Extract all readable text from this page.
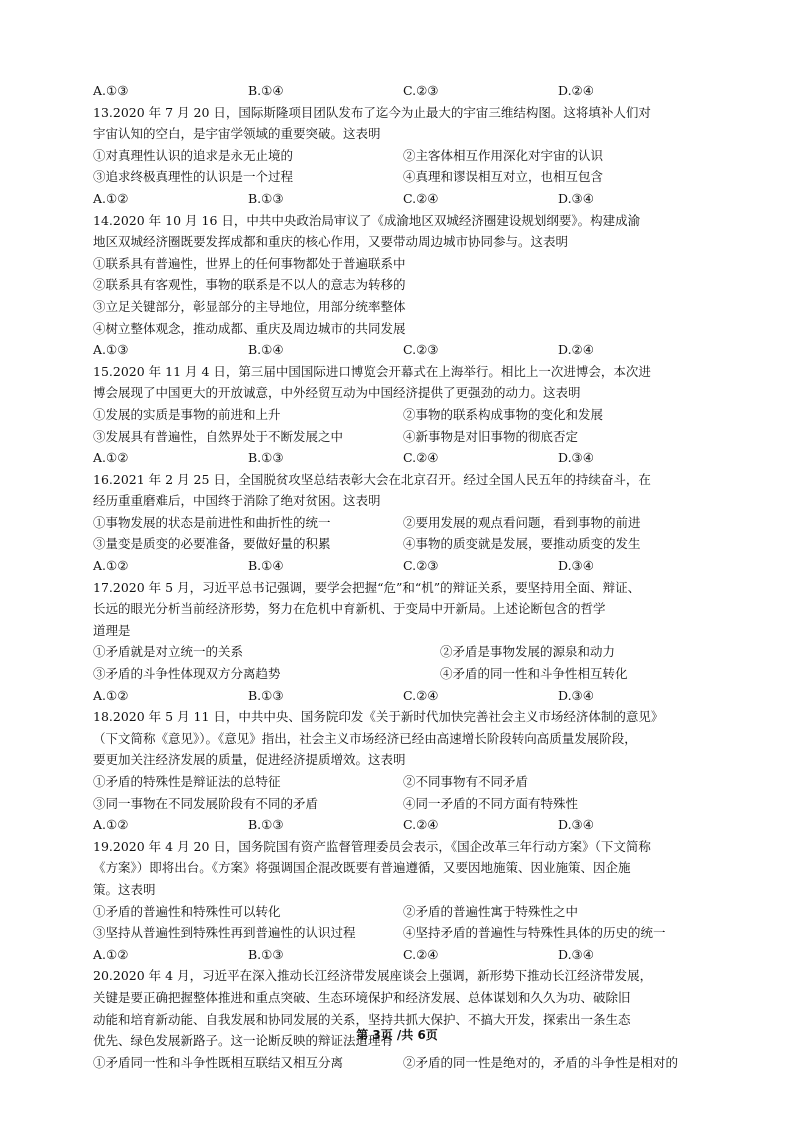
A.①③	B.①④	C.②③	D.②④
13.2020 年 7 月 20 日，国际斯隆项目团队发布了迄今为止最大的宇宙三维结构图。这将填补人们对
宇宙认知的空白，是宇宙学领域的重要突破。这表明
①对真理性认识的追求是永无止境的	②主客体相互作用深化对宇宙的认识
③追求终极真理性的认识是一个过程	④真理和谬误相互对立，也相互包含
A.①②	B.①③	C.②④	D.③④
14.2020 年 10 月 16 日，中共中央政治局审议了《成渝地区双城经济圈建设规划纲要》。构建成渝
地区双城经济圈既要发挥成都和重庆的核心作用，又要带动周边城市协同参与。这表明
①联系具有普遍性，世界上的任何事物都处于普遍联系中
②联系具有客观性，事物的联系是不以人的意志为转移的
③立足关键部分，彰显部分的主导地位，用部分统率整体
④树立整体观念，推动成都、重庆及周边城市的共同发展
A.①③	B.①④	C.②③	D.②④
15.2020 年 11 月 4 日，第三届中国国际进口博览会开幕式在上海举行。相比上一次进博会，本次进
博会展现了中国更大的开放诚意，中外经贸互动为中国经济提供了更强劲的动力。这表明
①发展的实质是事物的前进和上升	②事物的联系构成事物的变化和发展
③发展具有普遍性，自然界处于不断发展之中	④新事物是对旧事物的彻底否定
A.①②	B.①③	C.②④	D.③④
16.2021 年 2 月 25 日，全国脱贫攻坚总结表彰大会在北京召开。经过全国人民五年的持续奋斗，在
经历重重磨难后，中国终于消除了绝对贫困。这表明
①事物发展的状态是前进性和曲折性的统一	②要用发展的观点看问题，看到事物的前进
③量变是质变的必要准备，要做好量的积累	④事物的质变就是发展，要推动质变的发生
A.①②	B.①④	C.②③	D.③④
17.2020 年 5 月，习近平总书记强调，要学会把握“危”和“机”的辩证关系，要坚持用全面、辩证、
长远的眼光分析当前经济形势，努力在危机中育新机、于变局中开新局。上述论断包含的哲学
道理是
①矛盾就是对立统一的关系	②矛盾是事物发展的源泉和动力
③矛盾的斗争性体现双方分离趋势	④矛盾的同一性和斗争性相互转化
A.①②	B.①③	C.②④	D.③④
18.2020 年 5 月 11 日，中共中央、国务院印发《关于新时代加快完善社会主义市场经济体制的意见》
（下文简称《意见》）。《意见》指出，社会主义市场经济已经由高速增长阶段转向高质量发展阶段，
要更加关注经济发展的质量，促进经济提质增效。这表明
①矛盾的特殊性是辩证法的总特征	②不同事物有不同矛盾
③同一事物在不同发展阶段有不同的矛盾	④同一矛盾的不同方面有特殊性
A.①②	B.①③	C.②④	D.③④
19.2020 年 4 月 20 日，国务院国有资产监督管理委员会表示，《国企改革三年行动方案》（下文简称
《方案》）即将出台。《方案》将强调国企混改既要有普遍遵循，又要因地施策、因业施策、因企施
策。这表明
①矛盾的普遍性和特殊性可以转化	②矛盾的普遍性寓于特殊性之中
③坚持从普遍性到特殊性再到普遍性的认识过程	④坚持矛盾的普遍性与特殊性具体的历史的统一
A.①②	B.①③	C.②④	D.③④
20.2020 年 4 月，习近平在深入推动长江经济带发展座谈会上强调，新形势下推动长江经济带发展，
关键是要正确把握整体推进和重点突破、生态环境保护和经济发展、总体谋划和久久为功、破除旧
动能和培育新动能、自我发展和协同发展的关系，坚持共抓大保护、不搞大开发，探索出一条生态
优先、绿色发展新路子。这一论断反映的辩证法道理有
①矛盾同一性和斗争性既相互联结又相互分离	②矛盾的同一性是绝对的，矛盾的斗争性是相对的
第 3页 /共 6页
